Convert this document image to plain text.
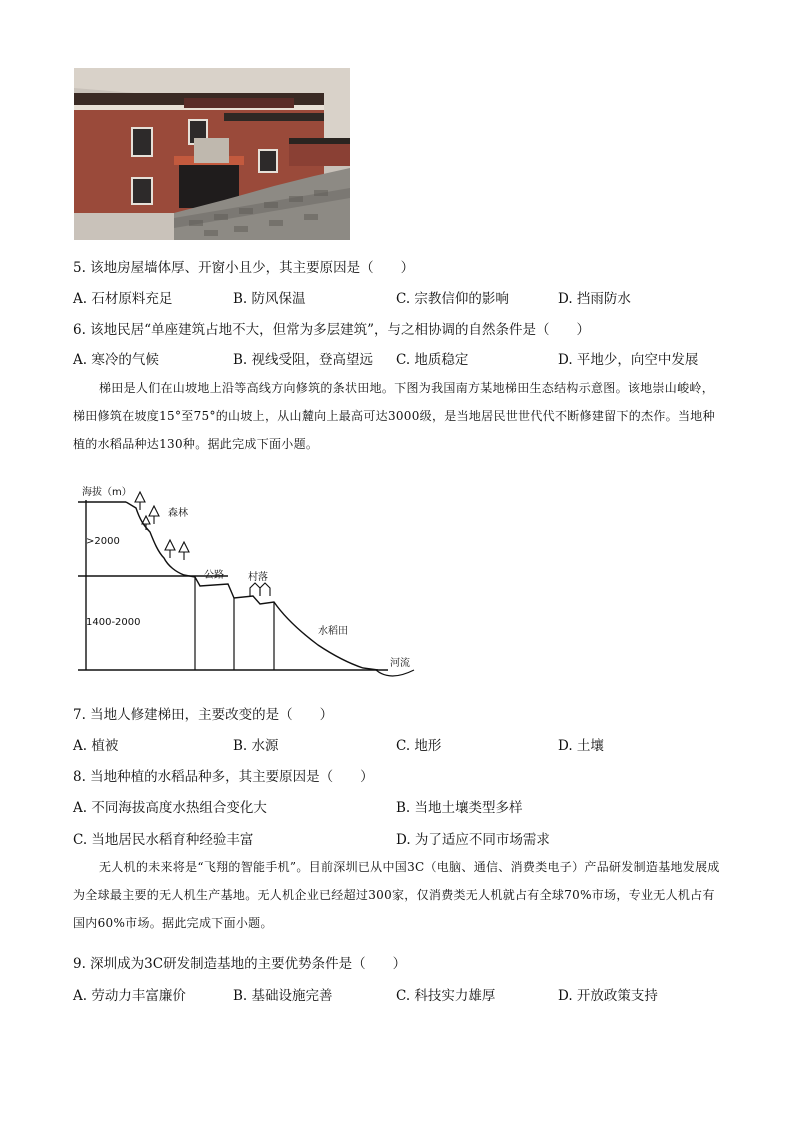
5. 该地房屋墙体厚、开窗小且少，其主要原因是（　　）
A. 石材原料充足	B. 防风保温	C. 宗教信仰的影响	D. 挡雨防水
6. 该地民居“单座建筑占地不大，但常为多层建筑”，与之相协调的自然条件是（　　）
A. 寒冷的气候	B. 视线受阻，登高望远 C. 地质稳定	D. 平地少，向空中发展
梯田是人们在山坡地上沿等高线方向修筑的条状田地。下图为我国南方某地梯田生态结构示意图。该地崇山峻岭，梯田修筑在坡度15°至75°的山坡上，从山麓向上最高可达3000级，是当地居民世世代代不断修建留下的杰作。当地种植的水稻品种达130种。据此完成下面小题。
海拔（m）
>2000
1400-2000
森林
公路 村落
水稻田
河流
7. 当地人修建梯田，主要改变的是（　　）
A. 植被	B. 水源	C. 地形	D. 土壤
8. 当地种植的水稻品种多，其主要原因是（　　）
A. 不同海拔高度水热组合变化大	B. 当地土壤类型多样
C. 当地居民水稻育种经验丰富	D. 为了适应不同市场需求
无人机的未来将是“飞翔的智能手机”。目前深圳已从中国3C（电脑、通信、消费类电子）产品研发制造基地发展成为全球最主要的无人机生产基地。无人机企业已经超过300家，仅消费类无人机就占有全球70%市场，专业无人机占有国内60%市场。据此完成下面小题。
9. 深圳成为3C研发制造基地的主要优势条件是（　　）
A. 劳动力丰富廉价	B. 基础设施完善	C. 科技实力雄厚	D. 开放政策支持
